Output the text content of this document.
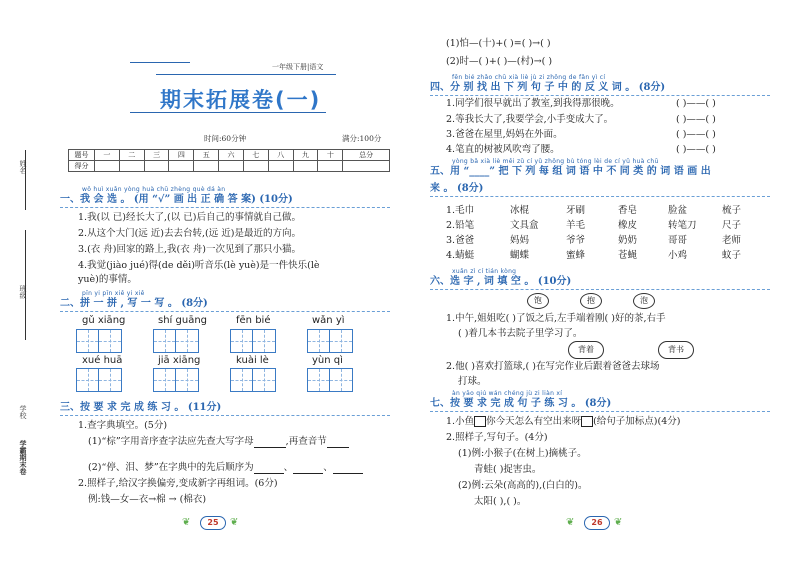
姓名
班级
学校
学霸期末卷
一年级下册|语文
期末拓展卷(一)
时间:60分钟	满分:100分
题号	一	二	三	四	五	六	七	八	九	十	总分
得分											
wǒ huì xuǎn yòng huà chū zhèng què dá àn
一、我 会 选 。 (用 “√” 画 出 正 确 答 案) (10分)
1.我(以 已)经长大了,(以 已)后自己的事情就自己做。
2.从这个大门(远 近)去去台转,(远 近)是最近的方向。
3.(衣 舟)回家的路上,我(衣 舟)一次见到了那只小猫。
4.我觉(jiào jué)得(de děi)听音乐(lè yuè)是一件快乐(lè
yuè)的事情。
pīn yi pīn xiě yi xiě
二、拼 一 拼 , 写 一 写 。 (8分)
gǔ xiāng	shí guāng	fēn bié	wǎn yì
xué huā	jiā xiāng	kuài lè	yùn qì
三、按 要 求 完 成 练 习 。 (11分)
1.查字典填空。(5分)
(1)“棕”字用音序查字法应先查大写字母	,再查音节
(2)“停、泪、梦”在字典中的先后顺序为	、	、
2.照样子,给汉字换偏旁,变成新字再组词。(6分)
例:钱—女—衣→棉 → (棉衣)
❦	25	❦
(1)怕—(十)+( )=( )→( )
(2)时—( )+( )—(村)→( )
fēn bié zhǎo chū xià liè jù zi zhōng de fǎn yì cí
四、分 别 找 出 下 列 句 子 中 的 反 义 词 。 (8分)
1.同学们很早就出了教室,到我得那很晚。	( )——( )
2.等我长大了,我要学会,小手变成大了。	( )——( )
3.爸爸在屋里,妈妈在外面。	( )——( )
4.笔直的树被风吹弯了腰。	( )——( )
yòng bǎ xià liè měi zǔ cí yǔ zhōng bù tóng lèi de cí yǔ huà chū
五、用 “____” 把 下 列 每 组 词 语 中 不 同 类 的 词 语 画 出
来 。 (8分)
1.毛巾	冰棍	牙刷	香皂	脸盆	梳子
2.铅笔	文具盒	羊毛	橡皮	转笔刀	尺子
3.爸爸	妈妈	爷爷	奶奶	哥哥	老师
4.蜻蜓	蝴蝶	蜜蜂	苍蝇	小鸡	蚊子
xuǎn zì cí tián kòng
六、选 字 , 词 填 空 。 (10分)
饱	抱	泡
1.中午,姐姐吃( )了饭之后,左手端着刚( )好的茶,右手
( )着几本书去院子里学习了。
背着	背书
2.他( )喜欢打篮球,( )在写完作业后跟着爸爸去球场
打球。
àn yāo qiú wán chéng jù zi liàn xí
七、按 要 求 完 成 句 子 练 习 。 (8分)
1.小鱼 你今天怎么有空出来呀 (给句子加标点)(4分)
2.照样子,写句子。(4分)
(1)例:小猴子(在树上)摘桃子。
青蛙( )捉害虫。
(2)例:云朵(高高的),(白白的)。
太阳( ),( )。
❦	26	❦
